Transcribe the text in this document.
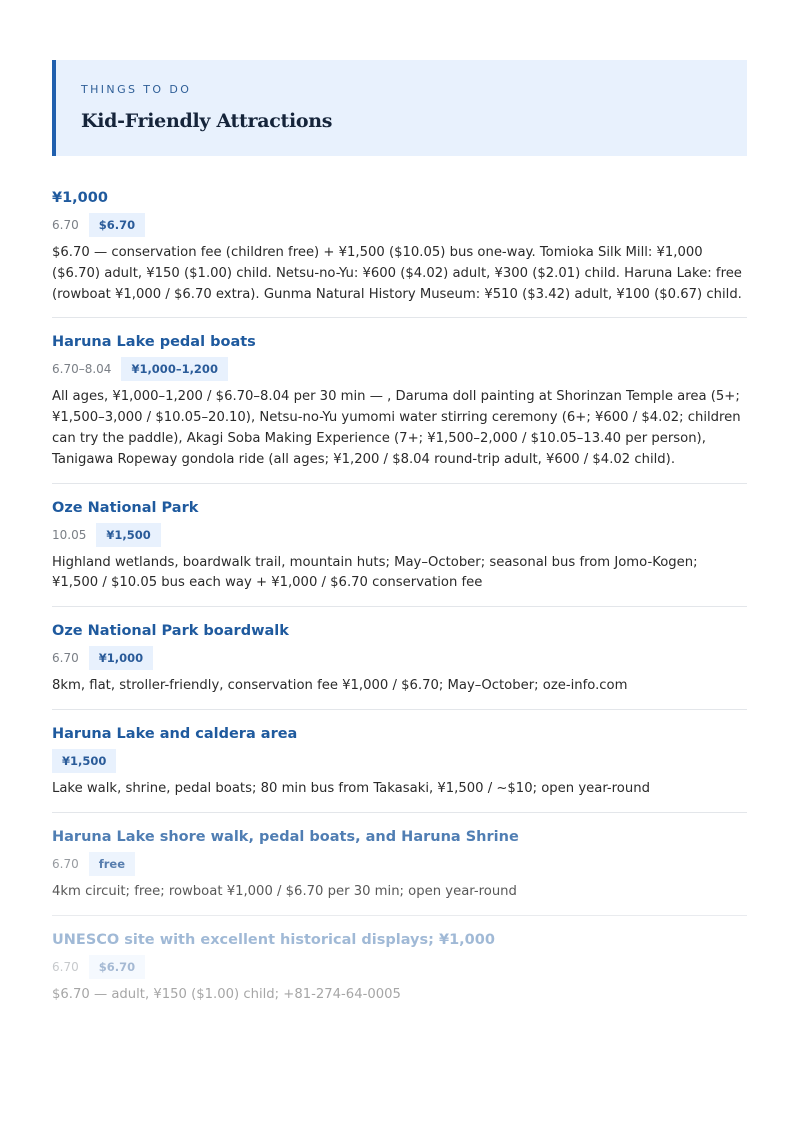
THINGS TO DO

Kid-Friendly Attractions
¥1,000
6.70	$6.70
$6.70 — conservation fee (children free) + ¥1,500 ($10.05) bus one-way. Tomioka Silk Mill: ¥1,000 ($6.70) adult, ¥150 ($1.00) child. Netsu-no-Yu: ¥600 ($4.02) adult, ¥300 ($2.01) child. Haruna Lake: free (rowboat ¥1,000 / $6.70 extra). Gunma Natural History Museum: ¥510 ($3.42) adult, ¥100 ($0.67) child.
Haruna Lake pedal boats
6.70–8.04	¥1,000–1,200
All ages, ¥1,000–1,200 / $6.70–8.04 per 30 min — , Daruma doll painting at Shorinzan Temple area (5+; ¥1,500–3,000 / $10.05–20.10), Netsu-no-Yu yumomi water stirring ceremony (6+; ¥600 / $4.02; children can try the paddle), Akagi Soba Making Experience (7+; ¥1,500–2,000 / $10.05–13.40 per person), Tanigawa Ropeway gondola ride (all ages; ¥1,200 / $8.04 round-trip adult, ¥600 / $4.02 child).
Oze National Park
10.05	¥1,500
Highland wetlands, boardwalk trail, mountain huts; May–October; seasonal bus from Jomo-Kogen; ¥1,500 / $10.05 bus each way + ¥1,000 / $6.70 conservation fee
Oze National Park boardwalk
6.70	¥1,000
8km, flat, stroller-friendly, conservation fee ¥1,000 / $6.70; May–October; oze-info.com
Haruna Lake and caldera area
¥1,500
Lake walk, shrine, pedal boats; 80 min bus from Takasaki, ¥1,500 / ~$10; open year-round
Haruna Lake shore walk, pedal boats, and Haruna Shrine
6.70	free
4km circuit; free; rowboat ¥1,000 / $6.70 per 30 min; open year-round
UNESCO site with excellent historical displays; ¥1,000
6.70	$6.70
$6.70 — adult, ¥150 ($1.00) child; +81-274-64-0005
